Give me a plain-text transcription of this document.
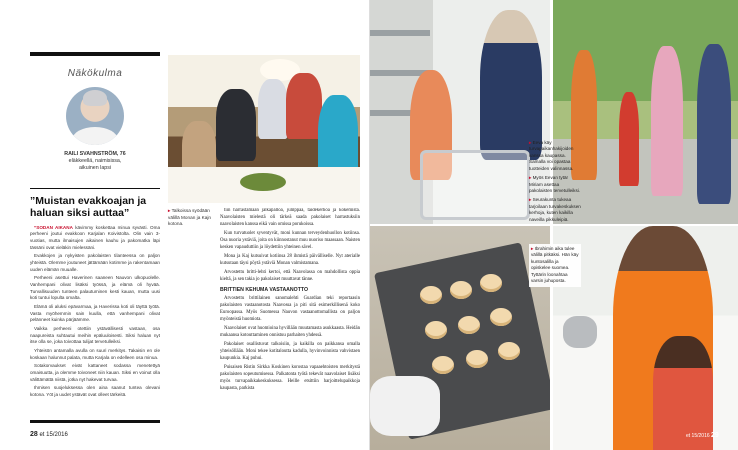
Näkökulma
RAILI SVAHNSTRÖM, 76
eläkkeellä, naimisissa,
aikuinen lapsi
”Muistan evakkoajan ja haluan siksi auttaa”

”SODAN AIKANA kävimmy koskettaa minua syvästi. Oma perheeni joutui evakkoon Karjalan Koivistolta. Olin vain 3-vuotias, mutta ilmaisujen aikainen kauhu ja pakomatka läpi tässäni ovat vieläkin mielessäni.

Evakkojen ja nykyisten pakolaisten tilanteessa on paljon yhteistä. Olemme joutuneet jättämään kotimme ja rakentamaan uuden elämän muualle.

Perheeni asettui Haverinen saaneen Nauvon ulkopuolelle. Vanhempani olivat lisäksi työssä, ja elämä oli hyvää. Turvallisuuden tunteen palautuminen kesti kauan, mutta uusi koti tuntui lopulta omalta.

Elämä oli aluksi epävarmaa, ja Haverissa koti oli täyttä työtä. Vasta myöhemmin sain kuulla, että vanhempani olivat pelänneet kuinka pärjäämme.

Vaikka perheeni otettiin ystävällisesti vastaan, osa naapureista suhtautui meihin epäluuloisesti. Siksi haluan nyt itse olla se, joka toivottaa tulijat tervetulleiksi.

Yhteisön antamalla avulla on suuri merkitys. Takaisin en ole koskaan halunnut palata, mutta Karjala on edelleen osa minua.

Sotakorvaukset eivät kattaneet sodassa menetettyä omaisuutta, ja olemme toivoneet niin kauan. Siksi en voinut olla välittämättä niistä, jotka nyt hakevat turvaa.

Ihmisen suojeluksessa olen aina saanut tuntea olevani kotona. Yöt ja uudet ystävät ovat olleet tärkeitä.

28 et 15/2016
▸ Talkoissa syödään välillä Monan ja Kajn kotona.

tiin harrastamaan jalkapalloa, jumppaa, taidekerhoa ja kokemista. Naavolaisten mielestä oli tärkeä saada pakolaiset harrastuksiin naavolaisten kanssa eikä vain omissa porukoissa.

Kun turvatuolet syventyvät, moni kunnan terveydenhuollon kotiinsa. Osa nuoria ystäviä, joita on kiinnostanut muu nuoriso maassaan. Naisten kesken vapauduttiin ja löydettiin yhteinen sävel.

Mona ja Kaj kutsuivat kotiinsa 28 ihmistä päivälliselle. Nyt aterialle kutsutaan täysi pöytä ystäviä Monan valmistamana.

Arvostettu britti-lehti kertoi, että Naavolassa on mahdollista oppia kieltä, ja sen takia jo pakolaiset muuttavat tänne.

BRITTIEN KEHUMA VASTAANOTTO

Arvostettu brittilainen sanomalehti Guardian teki reportaasin pakolaisten vastaanotosta Naavossa ja piti sitä esimerkillisenä koko Euroopassa. Myös Suomessa Nauvon vastaanottomallista on paljon myönteistä huomiota.

Naavolaiset ovat huomioina hyvillään muutamasta asukkaasta. Heidän mukaansa kotouttaminen onnistuu parhaiten yhdessä.

Pakolaiset osallistuvat talkoisiin, ja kaikilla on paikkansa omalla yhteisöllään. Moni tekee kotitaloutta kadulla, hyvinvoinnista vahvistaen kaupunkia. Kaj puhui.

Puisaisen Ristin Sirkka Koskinen korostaa vapaaehtoisten merkitystä pakolaisten sopeutumisessa. Palkatonta työtä tekevät naavolaiset lisäksi myös turvapaikkakeskuksessa. Heille etsittiin harjoittelupaikkoja kaupasta, parkista

▸ Eeva käy turvapaikanhakijoiden kanssa kaupassa. Samalla voi opastaa tuotteiden valinnassa.

▸ Myös Eevan tytär Miriam asettaa pakolaisten tervetulleiksi.

▸ Seurakunta tukeaa tarjoilaan turvakeskuksen kerhoja, kuten kaikilla naveilla pikkuleipiä.

▸ Ibrahimin aika tulee välillä pitkäksi. Hän käy kuntosalilla ja opiskelee suomea. Tyttärin loonahtaa varsin juhuposta.
et 15/2016 29
